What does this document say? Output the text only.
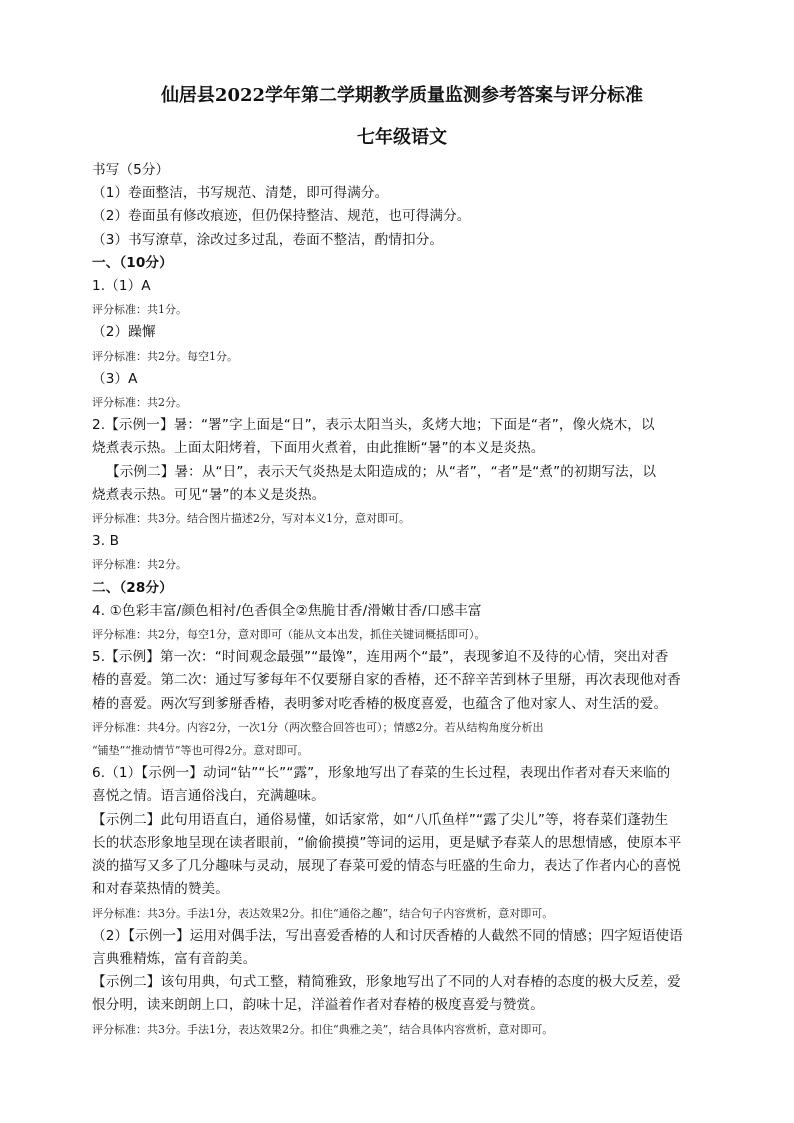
仙居县2022学年第二学期教学质量监测参考答案与评分标准

七年级语文

书写（5分）

（1）卷面整洁，书写规范、清楚，即可得满分。

（2）卷面虽有修改痕迹，但仍保持整洁、规范，也可得满分。

（3）书写潦草，涂改过多过乱，卷面不整洁，酌情扣分。

一、（10分）

1.（1）A

评分标准：共1分。

（2）躁懈

评分标准：共2分。每空1分。

（3）A

评分标准：共2分。

2.【示例一】暑：“署”字上面是“日”，表示太阳当头，炙烤大地；下面是“者”，像火烧木，以

烧煮表示热。上面太阳烤着，下面用火煮着，由此推断“暑”的本义是炎热。

【示例二】暑：从“日”，表示天气炎热是太阳造成的；从“者”，“者”是“煮”的初期写法，以

烧煮表示热。可见“暑”的本义是炎热。

评分标准：共3分。结合图片描述2分，写对本义1分，意对即可。

3. B

评分标准：共2分。

二、（28分）

4. ①色彩丰富/颜色相衬/色香俱全②焦脆甘香/滑嫩甘香/口感丰富

评分标准：共2分，每空1分，意对即可（能从文本出发，抓住关键词概括即可）。

5.【示例】第一次：“时间观念最强”“最馋”，连用两个“最”，表现爹迫不及待的心情，突出对香

椿的喜爱。第二次：通过写爹每年不仅要掰自家的香椿，还不辞辛苦到林子里掰，再次表现他对香

椿的喜爱。两次写到爹掰香椿，表明爹对吃香椿的极度喜爱，也蕴含了他对家人、对生活的爱。

评分标准：共4分。内容2分，一次1分（两次整合回答也可）；情感2分。若从结构角度分析出

“铺垫”“推动情节”等也可得2分。意对即可。

6.（1）【示例一】动词“钻”“长”“露”，形象地写出了春菜的生长过程，表现出作者对春天来临的

喜悦之情。语言通俗浅白，充满趣味。

【示例二】此句用语直白，通俗易懂，如话家常，如“八爪鱼样”“露了尖儿”等，将春菜们蓬勃生

长的状态形象地呈现在读者眼前，“偷偷摸摸”等词的运用，更是赋予春菜人的思想情感，使原本平

淡的描写又多了几分趣味与灵动，展现了春菜可爱的情态与旺盛的生命力，表达了作者内心的喜悦

和对春菜热情的赞美。

评分标准：共3分。手法1分，表达效果2分。扣住“通俗之趣”，结合句子内容赏析，意对即可。

（2）【示例一】运用对偶手法，写出喜爱香椿的人和讨厌香椿的人截然不同的情感；四字短语使语

言典雅精炼，富有音韵美。

【示例二】该句用典，句式工整，精简雅致，形象地写出了不同的人对春椿的态度的极大反差，爱

恨分明，读来朗朗上口，韵味十足，洋溢着作者对春椿的极度喜爱与赞赏。

评分标准：共3分。手法1分，表达效果2分。扣住“典雅之美”，结合具体内容赏析，意对即可。
